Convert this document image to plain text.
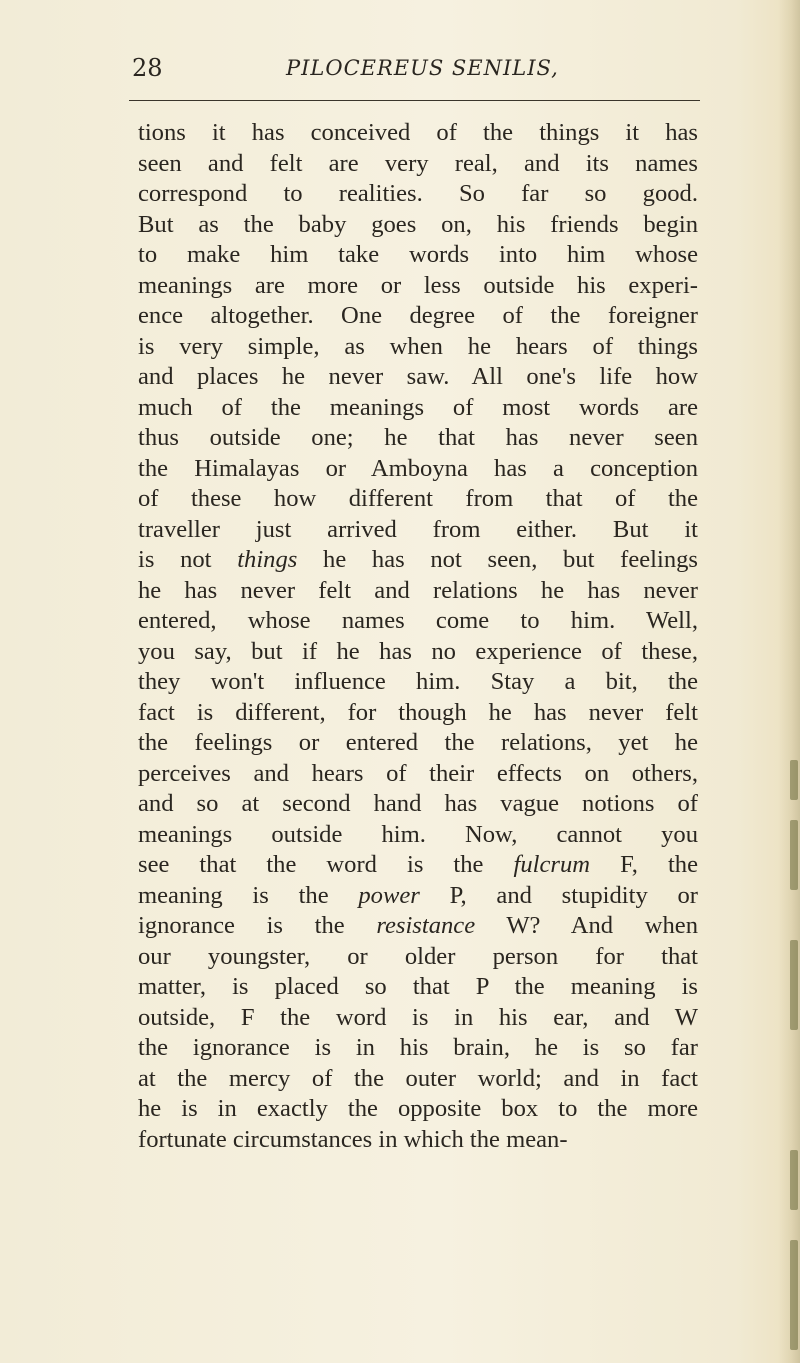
28	PILOCEREUS SENILIS,
tions it has conceived of the things it has
seen and felt are very real, and its names
correspond to realities. So far so good.
But as the baby goes on, his friends begin
to make him take words into him whose
meanings are more or less outside his experi-
ence altogether. One degree of the foreigner
is very simple, as when he hears of things
and places he never saw. All one's life how
much of the meanings of most words are
thus outside one; he that has never seen
the Himalayas or Amboyna has a conception
of these how different from that of the
traveller just arrived from either. But it
is not things he has not seen, but feelings
he has never felt and relations he has never
entered, whose names come to him. Well,
you say, but if he has no experience of these,
they won't influence him. Stay a bit, the
fact is different, for though he has never felt
the feelings or entered the relations, yet he
perceives and hears of their effects on others,
and so at second hand has vague notions of
meanings outside him. Now, cannot you
see that the word is the fulcrum F, the
meaning is the power P, and stupidity or
ignorance is the resistance W? And when
our youngster, or older person for that
matter, is placed so that P the meaning is
outside, F the word is in his ear, and W
the ignorance is in his brain, he is so far
at the mercy of the outer world; and in fact
he is in exactly the opposite box to the more
fortunate circumstances in which the mean-
